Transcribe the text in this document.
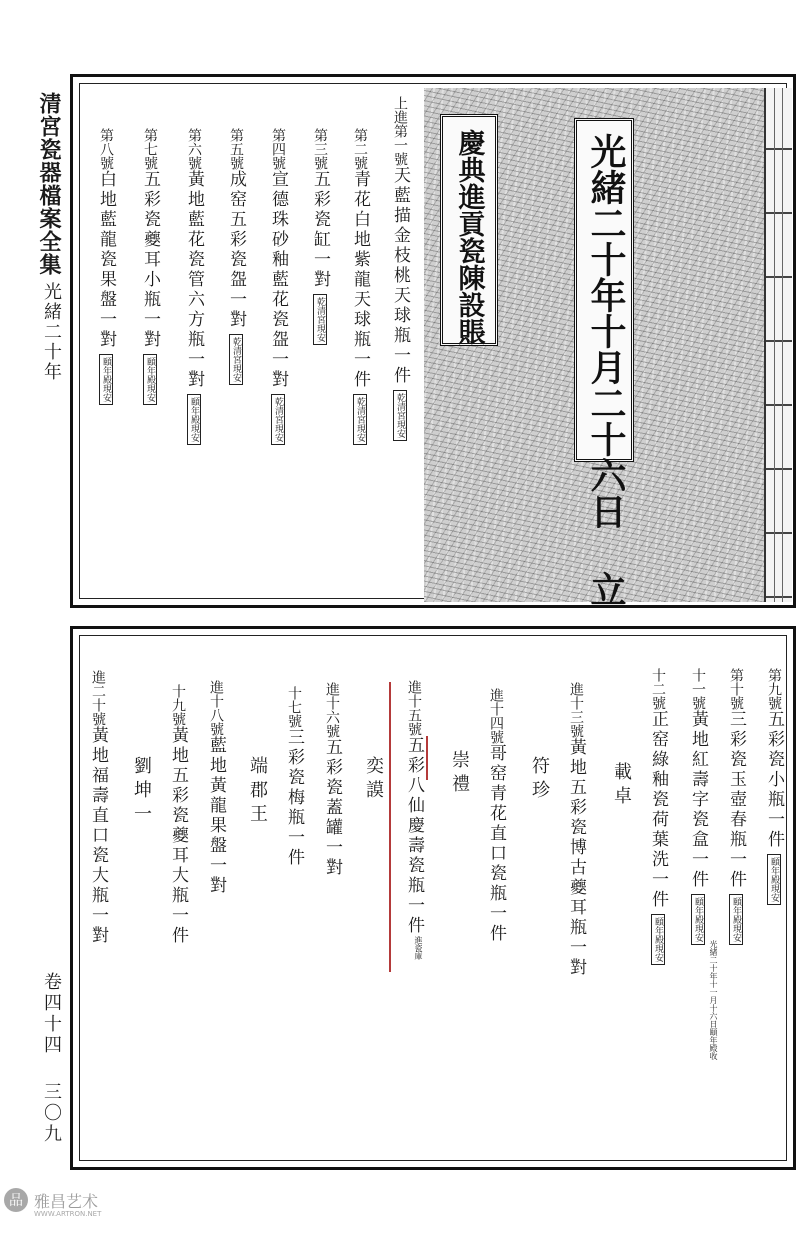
清宮瓷器檔案全集
光緒二十年
卷四十四
三〇九
光緒二十年十月二十六日 立
慶典進貢瓷陳設賬
上進第一號天藍描金枝桃天球瓶一件乾清宮現安
第二號青花白地紫龍天球瓶一件乾清宮現安
第三號五彩瓷缸一對乾清宮現安
第四號宣德珠砂釉藍花瓷盌一對乾清宮現安
第五號成窑五彩瓷盌一對乾清宮現安
第六號黃地藍花瓷管六方瓶一對頤年殿現安
第七號五彩瓷夔耳小瓶一對頤年殿現安
第八號白地藍龍瓷果盤一對頤年殿現安
第九號五彩瓷小瓶一件頤年殿現安
第十號三彩瓷玉壺春瓶一件頤年殿現安
十一號黃地紅壽字瓷盒一件頤年殿現安
光緒二十年十一月十六日頤年殿收
十二號正窑綠釉瓷荷葉洗一件頤年殿現安
載卓
進十三號黃地五彩瓷博古夔耳瓶一對
符珍
進十四號哥窑青花直口瓷瓶一件
崇禮
進十五號五彩八仙慶壽瓷瓶一件
進瓷庫
奕謨
進十六號五彩瓷蓋罐一對
十七號三彩瓷梅瓶一件
端郡王
進十八號藍地黃龍果盤一對
十九號黃地五彩瓷夔耳大瓶一件
劉坤一
進二十號黃地福壽直口瓷大瓶一對
品 雅昌艺术
WWW.ARTRON.NET
